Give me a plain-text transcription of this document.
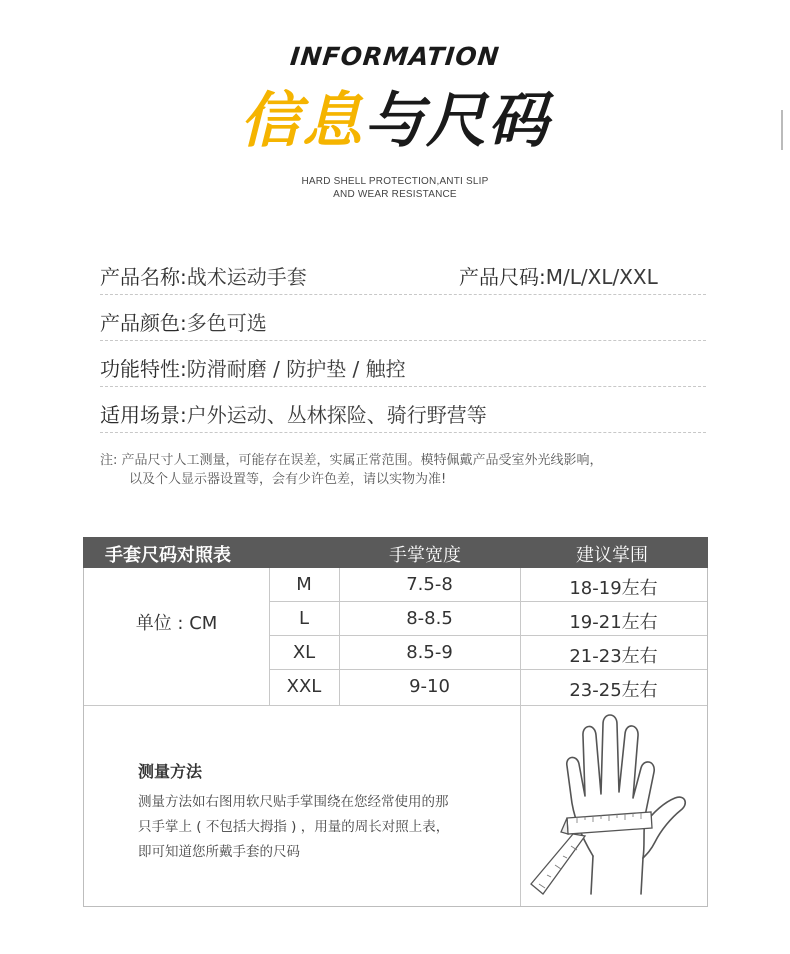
INFORMATION
信息与尺码
HARD SHELL PROTECTION,ANTI SLIP
AND WEAR RESISTANCE
产品名称:战术运动手套	产品尺码:M/L/XL/XXL
产品颜色:多色可选
功能特性:防滑耐磨 / 防护垫 / 触控
适用场景:户外运动、丛林探险、骑行野营等
注: 产品尺寸人工测量，可能存在误差，实属正常范围。模特佩戴产品受室外光线影响，
以及个人显示器设置等，会有少许色差，请以实物为准!
手套尺码对照表	手掌宽度	建议掌围
单位 : CM
M	7.5-8	18-19左右
L	8-8.5	19-21左右
XL	8.5-9	21-23左右
XXL	9-10	23-25左右
测量方法
测量方法如右图用软尺贴手掌围绕在您经常使用的那
只手掌上 ( 不包括大拇指 ) ，用量的周长对照上表，
即可知道您所戴手套的尺码
